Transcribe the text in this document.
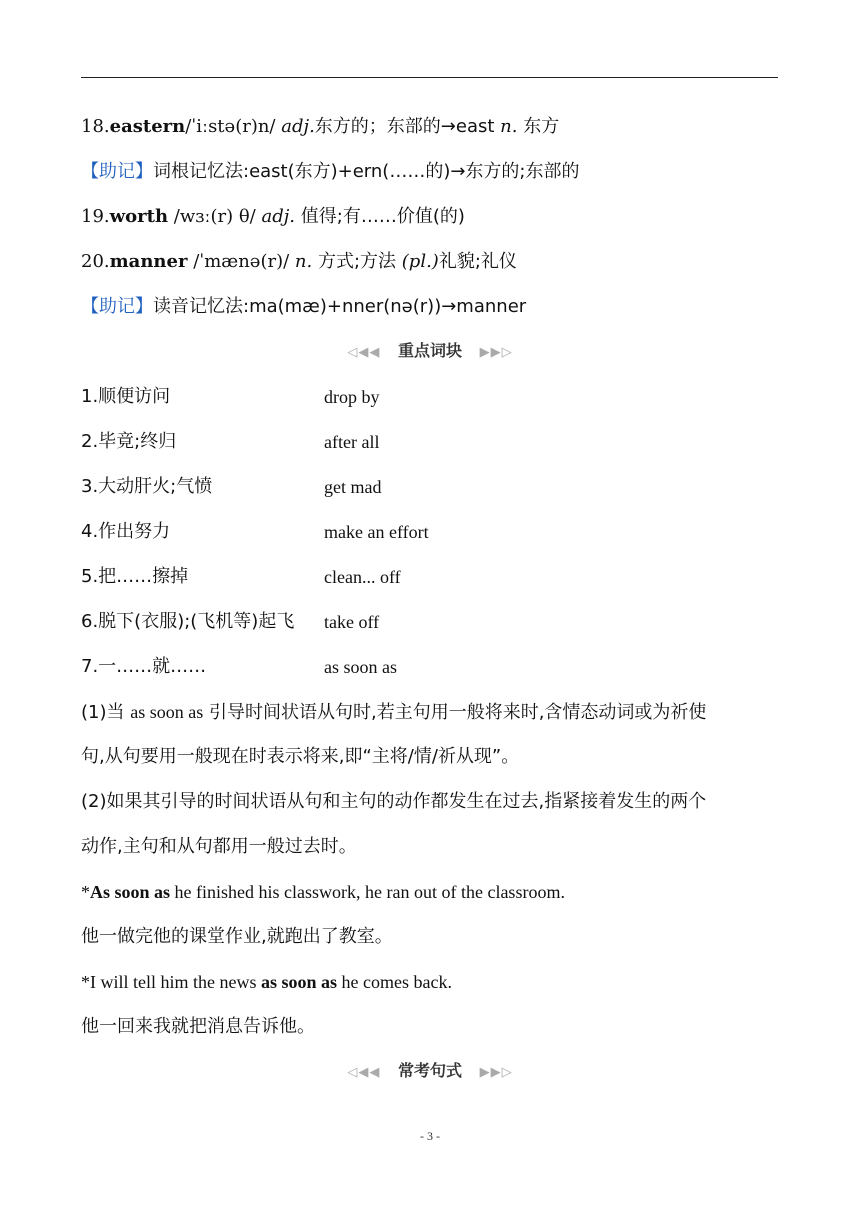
18.eastern/ˈiːstə(r)n/ adj.东方的；东部的→east n. 东方
【助记】词根记忆法:east(东方)+ern(……的)→东方的;东部的
19.worth /wɜː(r) θ/ adj. 值得;有……价值(的)
20.manner /ˈmænə(r)/ n. 方式;方法 (pl.)礼貌;礼仪
【助记】读音记忆法:ma(mæ)+nner(nə(r))→manner
◁◀◀ 重点词块 ▶▶▷
1.顺便访问	drop by
2.毕竟;终归	after all
3.大动肝火;气愤	get mad
4.作出努力	make an effort
5.把……擦掉	clean... off
6.脱下(衣服);(飞机等)起飞 take off
7.一……就……	as soon as
(1)当 as soon as 引导时间状语从句时,若主句用一般将来时,含情态动词或为祈使
句,从句要用一般现在时表示将来,即“主将/情/祈从现”。
(2)如果其引导的时间状语从句和主句的动作都发生在过去,指紧接着发生的两个
动作,主句和从句都用一般过去时。
*As soon as he finished his classwork, he ran out of the classroom.
他一做完他的课堂作业,就跑出了教室。
*I will tell him the news as soon as he comes back.
他一回来我就把消息告诉他。
◁◀◀ 常考句式 ▶▶▷
- 3 -
